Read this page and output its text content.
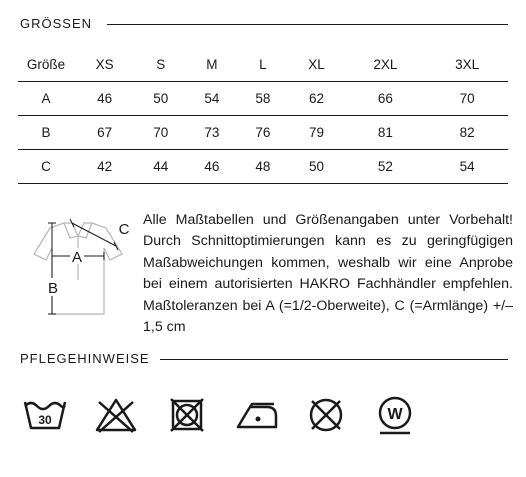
GRÖSSEN
Größe	XS	S	M	L	XL	2XL	3XL
A	46	50	54	58	62	66	70
B	67	70	73	76	79	81	82
C	42	44	46	48	50	52	54
A
B
C

Alle Maßtabellen und Größenangaben unter Vorbehalt! Durch Schnittoptimierungen kann es zu geringfügigen Maßabweichungen kommen, weshalb wir eine Anprobe bei einem autorisierten HAKRO Fachhändler empfehlen. Maßtoleranzen bei A (=1/2-Oberweite), C (=Armlänge) +/–1,5 cm

PFLEGEHINWEISE
30	W
